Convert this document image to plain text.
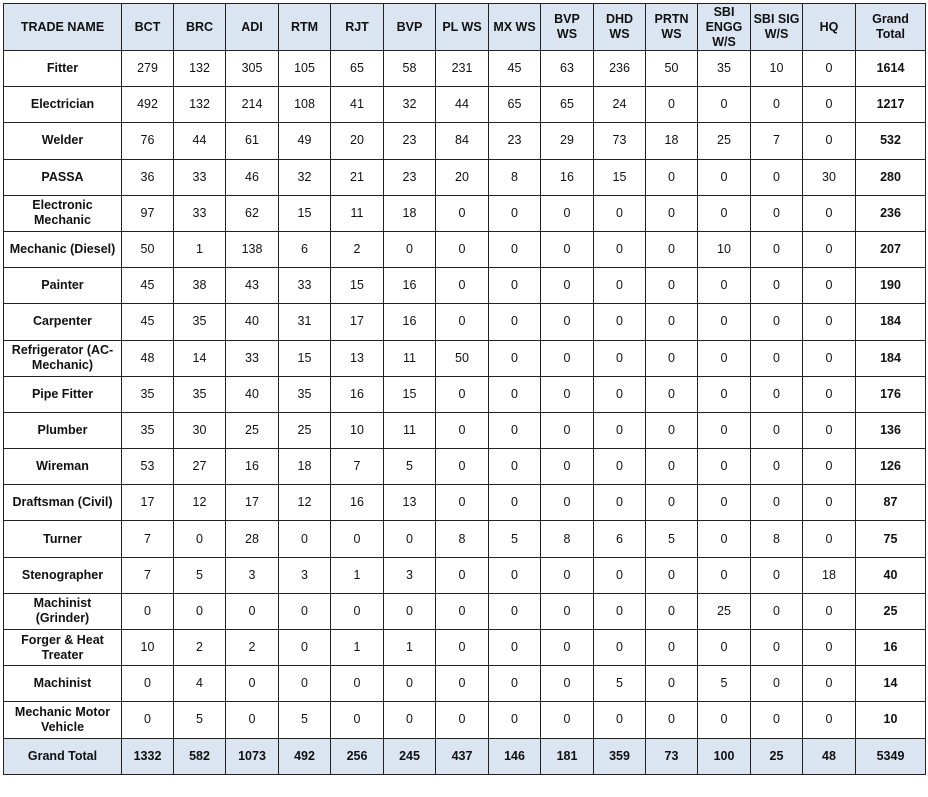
TRADE NAME	BCT	BRC	ADI	RTM	RJT	BVP	PL WS	MX WS	BVP WS	DHD WS	PRTN WS	SBI ENGG W/S	SBI SIG W/S	HQ	Grand Total
Fitter	279	132	305	105	65	58	231	45	63	236	50	35	10	0	1614
Electrician	492	132	214	108	41	32	44	65	65	24	0	0	0	0	1217
Welder	76	44	61	49	20	23	84	23	29	73	18	25	7	0	532
PASSA	36	33	46	32	21	23	20	8	16	15	0	0	0	30	280
Electronic Mechanic	97	33	62	15	11	18	0	0	0	0	0	0	0	0	236
Mechanic (Diesel)	50	1	138	6	2	0	0	0	0	0	0	10	0	0	207
Painter	45	38	43	33	15	16	0	0	0	0	0	0	0	0	190
Carpenter	45	35	40	31	17	16	0	0	0	0	0	0	0	0	184
Refrigerator (AC-Mechanic)	48	14	33	15	13	11	50	0	0	0	0	0	0	0	184
Pipe Fitter	35	35	40	35	16	15	0	0	0	0	0	0	0	0	176
Plumber	35	30	25	25	10	11	0	0	0	0	0	0	0	0	136
Wireman	53	27	16	18	7	5	0	0	0	0	0	0	0	0	126
Draftsman (Civil)	17	12	17	12	16	13	0	0	0	0	0	0	0	0	87
Turner	7	0	28	0	0	0	8	5	8	6	5	0	8	0	75
Stenographer	7	5	3	3	1	3	0	0	0	0	0	0	0	18	40
Machinist (Grinder)	0	0	0	0	0	0	0	0	0	0	0	25	0	0	25
Forger & Heat Treater	10	2	2	0	1	1	0	0	0	0	0	0	0	0	16
Machinist	0	4	0	0	0	0	0	0	0	5	0	5	0	0	14
Mechanic Motor Vehicle	0	5	0	5	0	0	0	0	0	0	0	0	0	0	10
Grand Total	1332	582	1073	492	256	245	437	146	181	359	73	100	25	48	5349
